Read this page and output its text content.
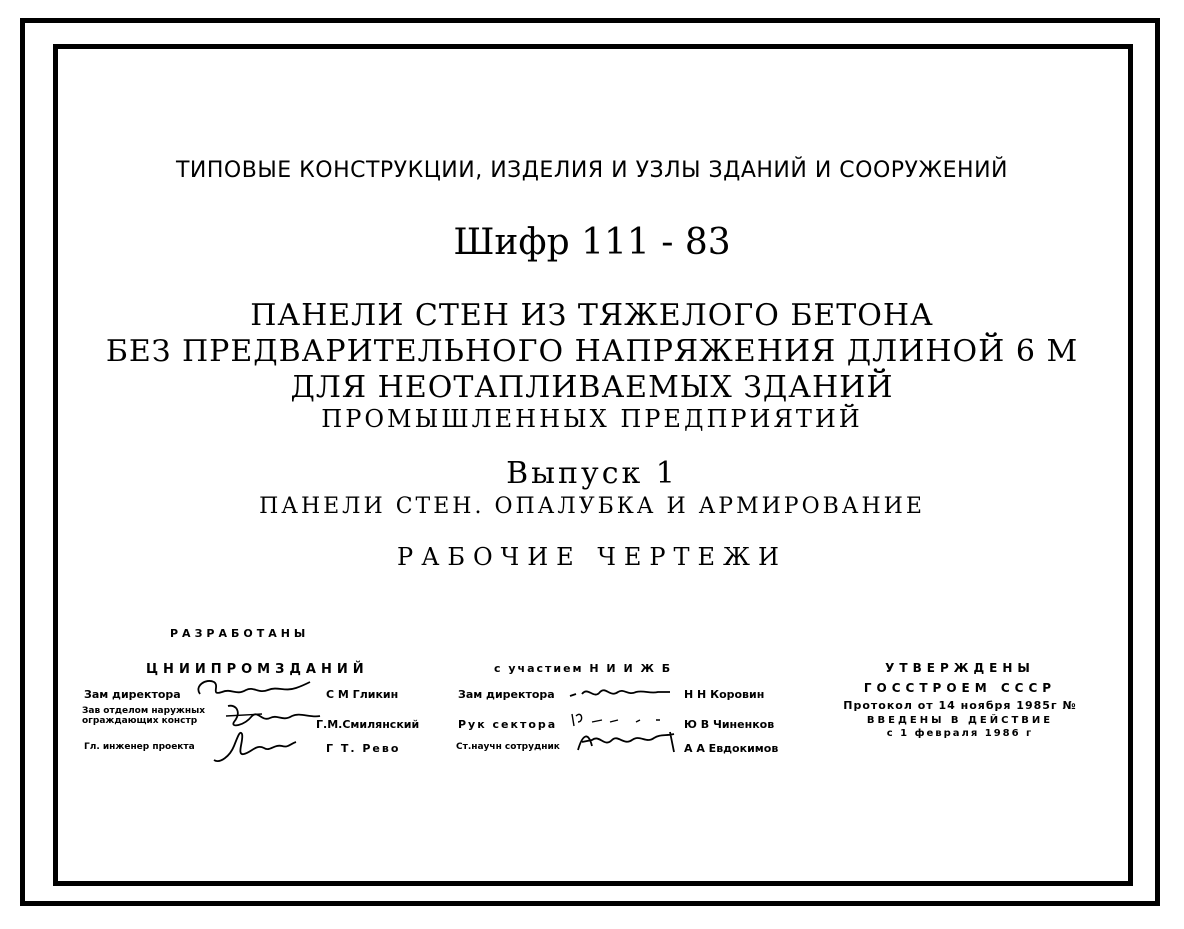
ТИПОВЫЕ КОНСТРУКЦИИ, ИЗДЕЛИЯ И УЗЛЫ ЗДАНИЙ И СООРУЖЕНИЙ
Шифр 111 - 83
ПАНЕЛИ СТЕН ИЗ ТЯЖЕЛОГО БЕТОНА
БЕЗ ПРЕДВАРИТЕЛЬНОГО НАПРЯЖЕНИЯ ДЛИНОЙ 6 М
ДЛЯ НЕОТАПЛИВАЕМЫХ ЗДАНИЙ
ПРОМЫШЛЕННЫХ ПРЕДПРИЯТИЙ
Выпуск 1
ПАНЕЛИ СТЕН. ОПАЛУБКА И АРМИРОВАНИЕ
РАБОЧИЕ ЧЕРТЕЖИ
РАЗРАБОТАНЫ
ЦНИИПРОМЗДАНИЙ
Зам директора	С М Гликин
Зав отделом наружных
ограждающих констр	Г.М.Смилянский
Гл. инженер проекта	Г Т. Рево
с участием Н И И Ж Б
Зам директора	Н Н Коровин
Рук сектора	Ю В Чиненков
Ст.научн сотрудник	А А Евдокимов
УТВЕРЖДЕНЫ
ГОССТРОЕМ СССР
Протокол от 14 ноября 1985г №
ВВЕДЕНЫ В ДЕЙСТВИЕ
с 1 февраля 1986 г
